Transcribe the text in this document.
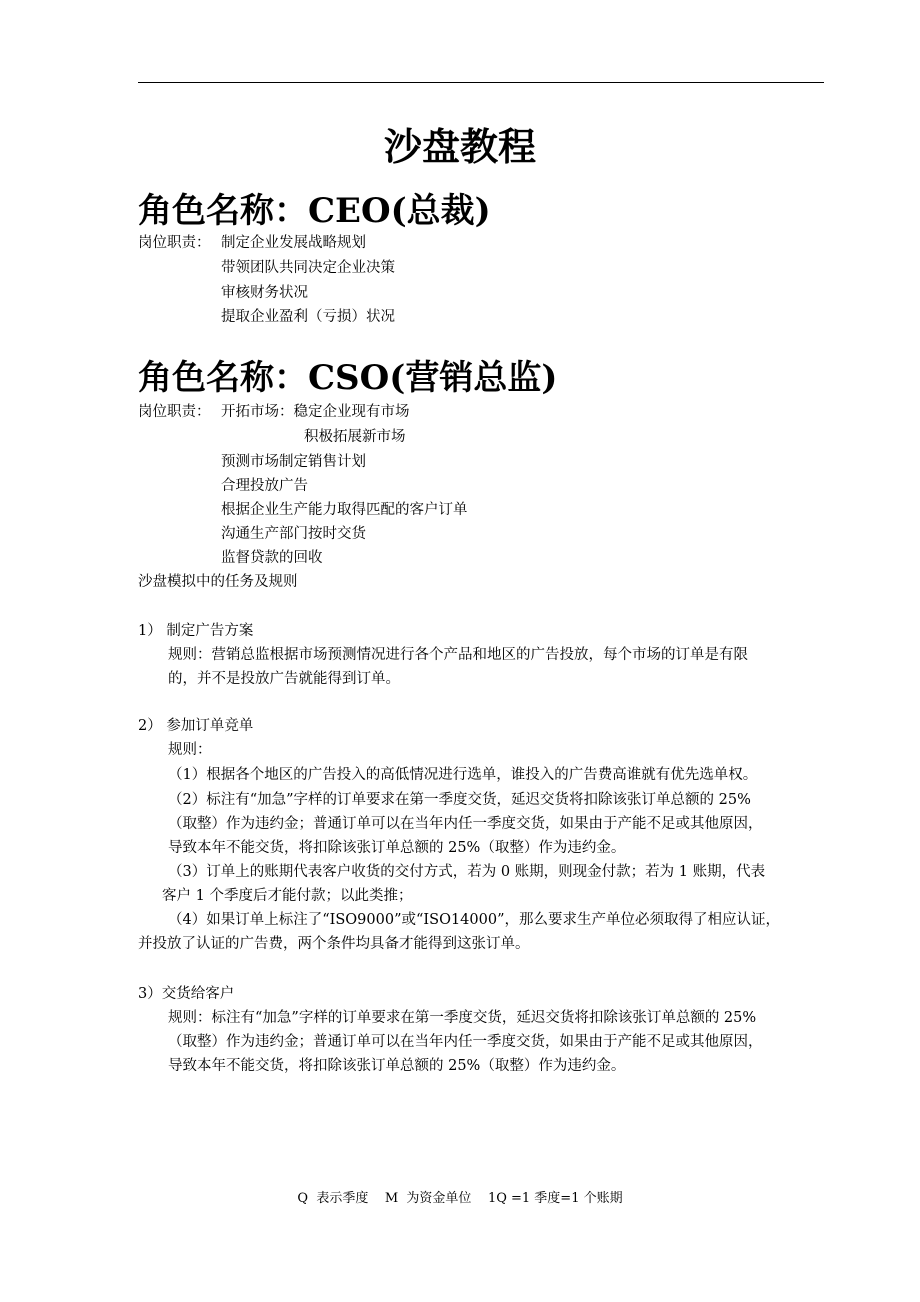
沙盘教程
角色名称：CEO(总裁)
岗位职责： 制定企业发展战略规划
带领团队共同决定企业决策
审核财务状况
提取企业盈利（亏损）状况
角色名称：CSO(营销总监)
岗位职责： 开拓市场：稳定企业现有市场
积极拓展新市场
预测市场制定销售计划
合理投放广告
根据企业生产能力取得匹配的客户订单
沟通生产部门按时交货
监督贷款的回收
沙盘模拟中的任务及规则
1） 制定广告方案
规则：营销总监根据市场预测情况进行各个产品和地区的广告投放，每个市场的订单是有限
的，并不是投放广告就能得到订单。
2） 参加订单竞单
规则：
（1）根据各个地区的广告投入的高低情况进行选单，谁投入的广告费高谁就有优先选单权。
（2）标注有“加急”字样的订单要求在第一季度交货，延迟交货将扣除该张订单总额的 25%
（取整）作为违约金；普通订单可以在当年内任一季度交货，如果由于产能不足或其他原因，
导致本年不能交货，将扣除该张订单总额的 25%（取整）作为违约金。
（3）订单上的账期代表客户收货的交付方式，若为 0 账期，则现金付款；若为 1 账期，代表
客户 1 个季度后才能付款；以此类推；
（4）如果订单上标注了“ISO9000”或“ISO14000”，那么要求生产单位必须取得了相应认证，
并投放了认证的广告费，两个条件均具备才能得到这张订单。
3）交货给客户
规则：标注有“加急”字样的订单要求在第一季度交货，延迟交货将扣除该张订单总额的 25%
（取整）作为违约金；普通订单可以在当年内任一季度交货，如果由于产能不足或其他原因，
导致本年不能交货，将扣除该张订单总额的 25%（取整）作为违约金。
Q  表示季度    M  为资金单位    1Q =1 季度=1 个账期
